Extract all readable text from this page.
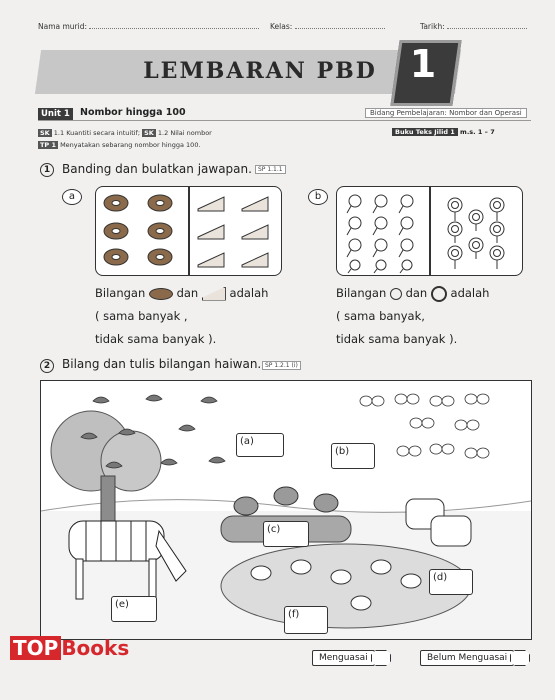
Nama murid:	Kelas:	Tarikh:
LEMBARAN PBD 1
Unit 1	Nombor hingga 100	Bidang Pembelajaran: Nombor dan Operasi
SK 1.1 Kuantiti secara intuitif; SK 1.2 Nilai nombor
TP 1 Menyatakan sebarang nombor hingga 100.
Buku Teks Jilid 1 m.s. 1 – 7
1 Banding dan bulatkan jawapan.	SP 1.1.1
a
Bilangan	dan	adalah
( sama banyak ,
tidak sama banyak ).
b
Bilangan dan adalah
( sama banyak,
tidak sama banyak ).
2 Bilang dan tulis bilangan haiwan. SP 1.2.1 (i)
(a)
(b)
(c)
(d)
(e)
(f)
Menguasai	Belum Menguasai
TOP Books
